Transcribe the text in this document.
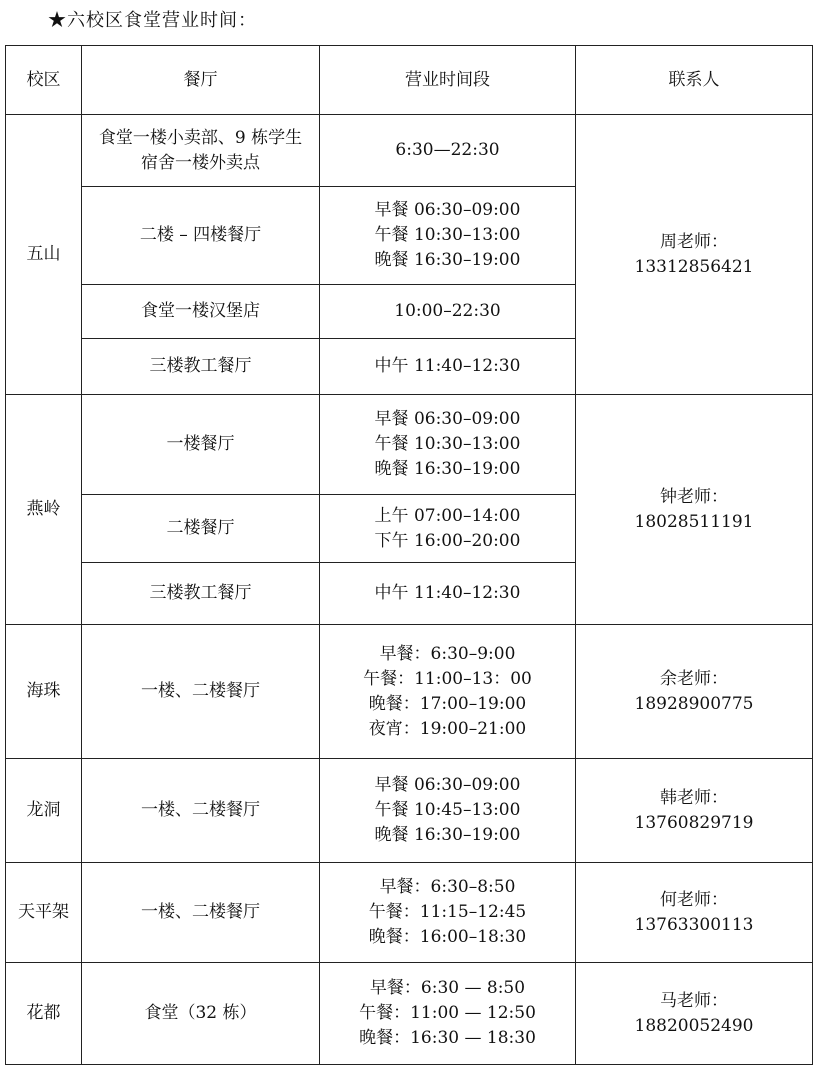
★六校区食堂营业时间：
校区	餐厅	营业时间段	联系人
五山	食堂一楼小卖部、9 栋学生
宿舍一楼外卖点	6:30—22:30	周老师：
13312856421

	二楼 – 四楼餐厅	早餐 06:30–09:00
午餐 10:30–13:00
晚餐 16:30–19:00	

	食堂一楼汉堡店	10:00–22:30	

	三楼教工餐厅	中午 11:40–12:30	

燕岭	一楼餐厅	早餐 06:30–09:00
午餐 10:30–13:00
晚餐 16:30–19:00	钟老师：
18028511191

	二楼餐厅	上午 07:00–14:00
下午 16:00–20:00	

	三楼教工餐厅	中午 11:40–12:30	

海珠	一楼、二楼餐厅	早餐：6:30–9:00
午餐：11:00–13：00
晚餐：17:00–19:00
夜宵：19:00–21:00	余老师：
18928900775

龙洞	一楼、二楼餐厅	早餐 06:30–09:00
午餐 10:45–13:00
晚餐 16:30–19:00	韩老师：
13760829719

天平架	一楼、二楼餐厅	早餐：6:30–8:50
午餐：11:15–12:45
晚餐：16:00–18:30	何老师：
13763300113

花都	食堂（32 栋）	早餐：6:30 — 8:50
午餐：11:00 — 12:50
晚餐：16:30 — 18:30	马老师：
18820052490
